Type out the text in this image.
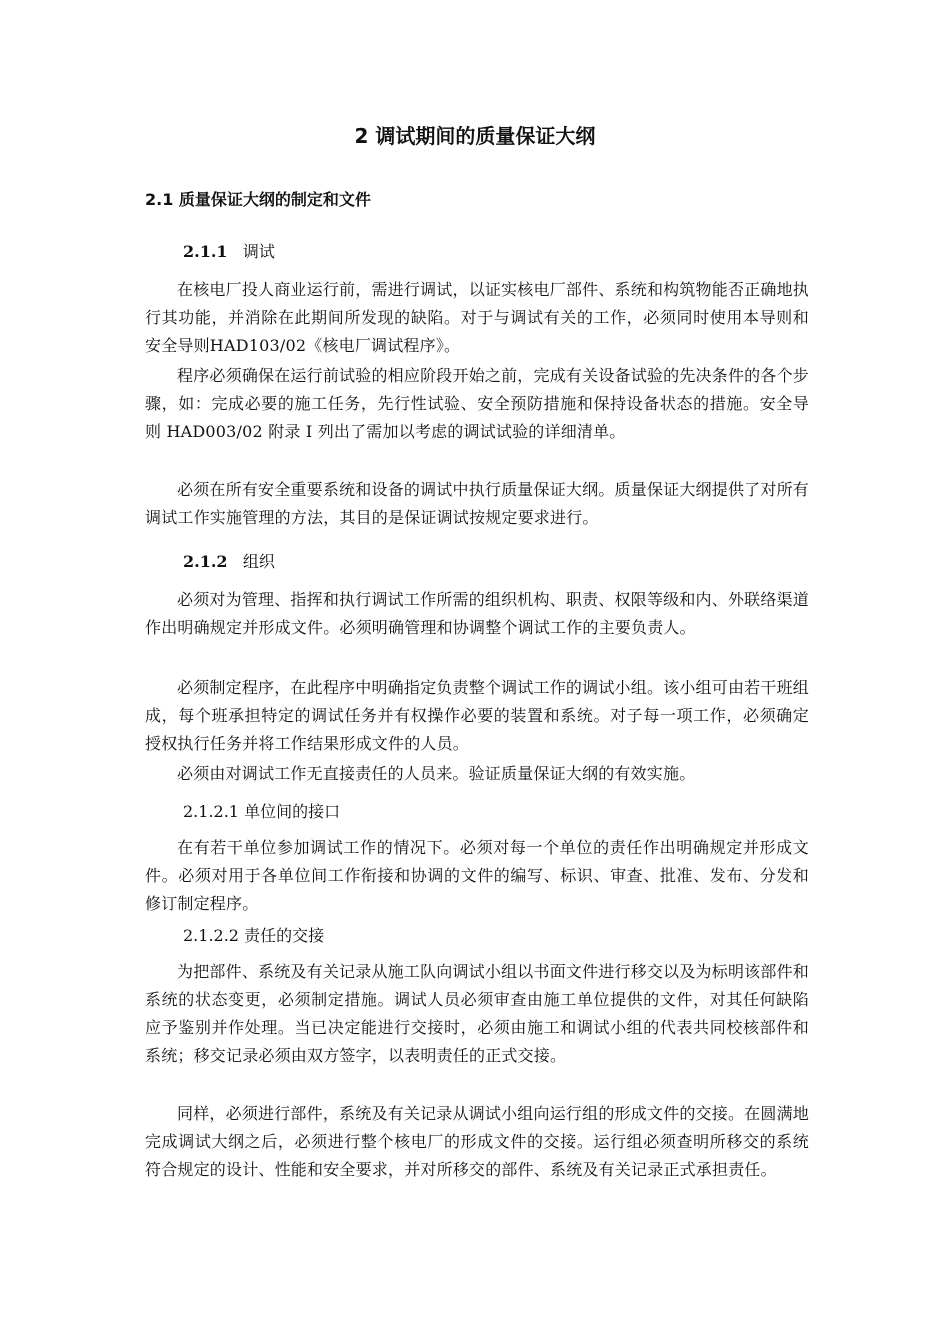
2 调试期间的质量保证大纲
2.1 质量保证大纲的制定和文件
2.1.1 调试

在核电厂投人商业运行前，需进行调试，以证实核电厂部件、系统和构筑物能否正确地执行其功能，并消除在此期间所发现的缺陷。对于与调试有关的工作，必须同时使用本导则和安全导则HAD103/02《核电厂调试程序》。

程序必须确保在运行前试验的相应阶段开始之前，完成有关设备试验的先决条件的各个步骤，如：完成必要的施工任务，先行性试验、安全预防措施和保持设备状态的措施。安全导则 HAD003/02 附录 I 列出了需加以考虑的调试试验的详细清单。

必须在所有安全重要系统和设备的调试中执行质量保证大纲。质量保证大纲提供了对所有调试工作实施管理的方法，其目的是保证调试按规定要求进行。

2.1.2 组织

必须对为管理、指挥和执行调试工作所需的组织机构、职责、权限等级和内、外联络渠道作出明确规定并形成文件。必须明确管理和协调整个调试工作的主要负责人。

必须制定程序，在此程序中明确指定负责整个调试工作的调试小组。该小组可由若干班组成，每个班承担特定的调试任务并有权操作必要的装置和系统。对子每一项工作，必须确定授权执行任务并将工作结果形成文件的人员。

必须由对调试工作无直接责任的人员来。验证质量保证大纲的有效实施。

2.1.2.1 单位间的接口

在有若干单位参加调试工作的情况下。必须对每一个单位的责任作出明确规定并形成文件。必须对用于各单位间工作衔接和协调的文件的编写、标识、审查、批准、发布、分发和修订制定程序。

2.1.2.2 责任的交接

为把部件、系统及有关记录从施工队向调试小组以书面文件进行移交以及为标明该部件和系统的状态变更，必须制定措施。调试人员必须审查由施工单位提供的文件，对其任何缺陷应予鉴别并作处理。当已决定能进行交接时，必须由施工和调试小组的代表共同校核部件和系统；移交记录必须由双方签字，以表明责任的正式交接。

同样，必须进行部件，系统及有关记录从调试小组向运行组的形成文件的交接。在圆满地完成调试大纲之后，必须进行整个核电厂的形成文件的交接。运行组必须查明所移交的系统符合规定的设计、性能和安全要求，并对所移交的部件、系统及有关记录正式承担责任。
